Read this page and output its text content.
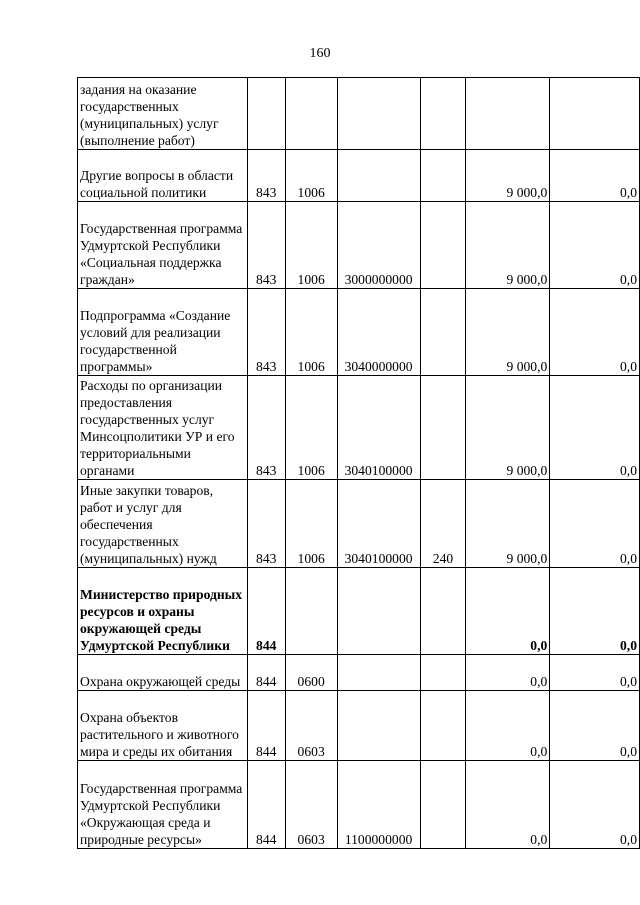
160
задания на оказание государственных (муниципальных) услуг (выполнение работ)						
Другие вопросы в области социальной политики	843	1006			9 000,0	0,0
Государственная программа Удмуртской Республики «Социальная поддержка граждан»	843	1006	3000000000		9 000,0	0,0
Подпрограмма «Создание условий для реализации государственной программы»	843	1006	3040000000		9 000,0	0,0
Расходы по организации предоставления государственных услуг Минсоцполитики УР и его территориальными органами	843	1006	3040100000		9 000,0	0,0
Иные закупки товаров, работ и услуг для обеспечения государственных (муниципальных) нужд	843	1006	3040100000	240	9 000,0	0,0
Министерство природных ресурсов и охраны окружающей среды Удмуртской Республики	844				0,0	0,0
Охрана окружающей среды	844	0600			0,0	0,0
Охрана объектов растительного и животного мира и среды их обитания	844	0603			0,0	0,0
Государственная программа Удмуртской Республики «Окружающая среда и природные ресурсы»	844	0603	1100000000		0,0	0,0
